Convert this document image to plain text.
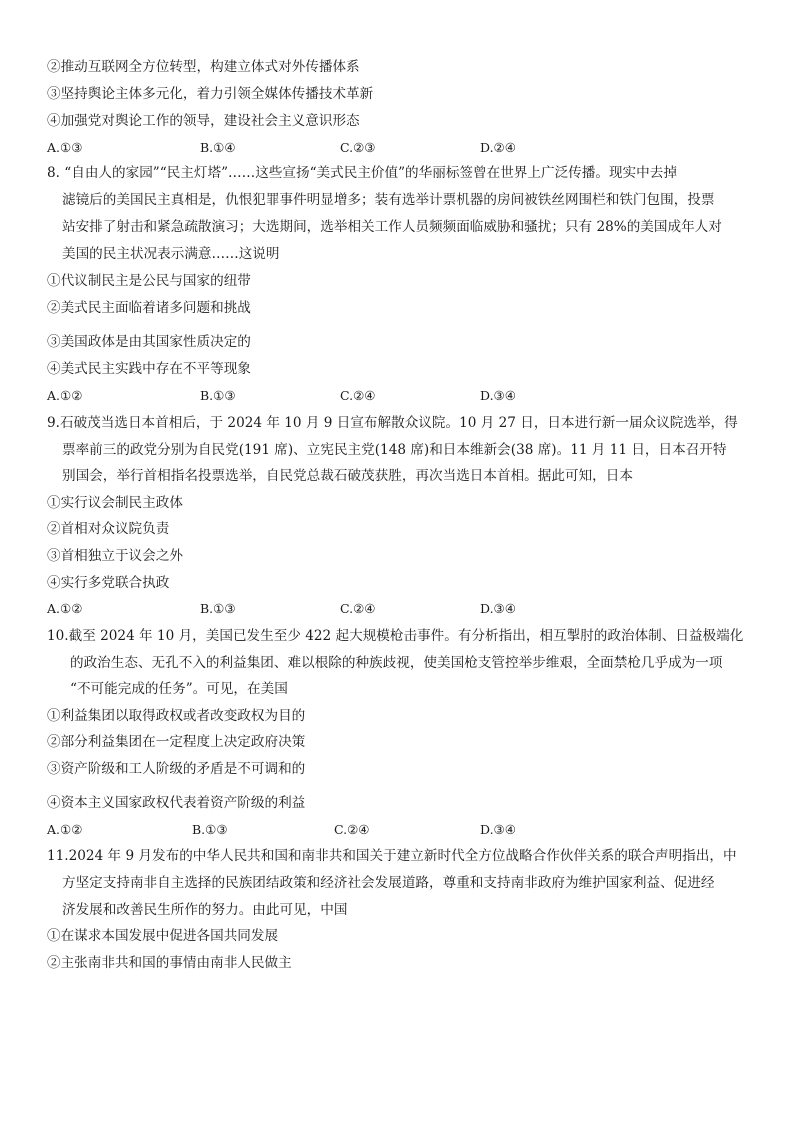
②推动互联网全方位转型，构建立体式对外传播体系
③坚持舆论主体多元化，着力引领全媒体传播技术革新
④加强党对舆论工作的领导，建设社会主义意识形态
A.①③	B.①④	C.②③	D.②④
8. “自由人的家园”“民主灯塔”……这些宣扬“美式民主价值”的华丽标签曾在世界上广泛传播。现实中去掉
滤镜后的美国民主真相是，仇恨犯罪事件明显增多；装有选举计票机器的房间被铁丝网围栏和铁门包围，投票
站安排了射击和紧急疏散演习；大选期间，选举相关工作人员频频面临威胁和骚扰；只有 28%的美国成年人对
美国的民主状况表示满意……这说明
①代议制民主是公民与国家的纽带
②美式民主面临着诸多问题和挑战
③美国政体是由其国家性质决定的
④美式民主实践中存在不平等现象
A.①②	B.①③	C.②④	D.③④
9.石破茂当选日本首相后，于 2024 年 10 月 9 日宣布解散众议院。10 月 27 日，日本进行新一届众议院选举，得
票率前三的政党分别为自民党(191 席)、立宪民主党(148 席)和日本维新会(38 席)。11 月 11 日，日本召开特
别国会，举行首相指名投票选举，自民党总裁石破茂获胜，再次当选日本首相。据此可知，日本
①实行议会制民主政体
②首相对众议院负责
③首相独立于议会之外
④实行多党联合执政
A.①②	B.①③	C.②④	D.③④
10.截至 2024 年 10 月，美国已发生至少 422 起大规模枪击事件。有分析指出，相互掣肘的政治体制、日益极端化
的政治生态、无孔不入的利益集团、难以根除的种族歧视，使美国枪支管控举步维艰，全面禁枪几乎成为一项
“不可能完成的任务”。可见，在美国
①利益集团以取得政权或者改变政权为目的
②部分利益集团在一定程度上决定政府决策
③资产阶级和工人阶级的矛盾是不可调和的
④资本主义国家政权代表着资产阶级的利益
A.①②	B.①③	C.②④	D.③④
11.2024 年 9 月发布的中华人民共和国和南非共和国关于建立新时代全方位战略合作伙伴关系的联合声明指出，中
方坚定支持南非自主选择的民族团结政策和经济社会发展道路，尊重和支持南非政府为维护国家利益、促进经
济发展和改善民生所作的努力。由此可见，中国
①在谋求本国发展中促进各国共同发展
②主张南非共和国的事情由南非人民做主
